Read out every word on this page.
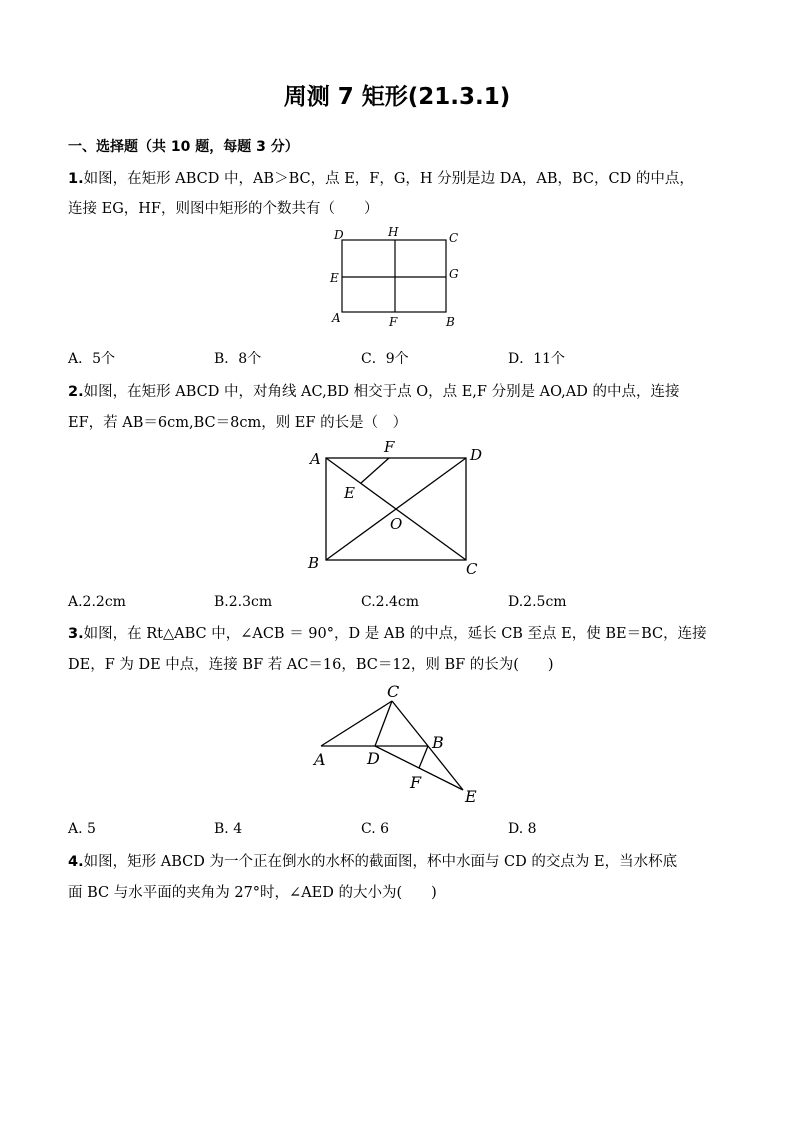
周测 7 矩形(21.3.1)
一、选择题（共 10 题，每题 3 分）
1.如图，在矩形 ABCD 中，AB＞BC，点 E，F，G，H 分别是边 DA，AB，BC，CD 的中点，
连接 EG，HF，则图中矩形的个数共有（　　）
D	H	C
E	G
A	F	B
A．5个	B．8个	C．9个	D．11个
2.如图，在矩形 ABCD 中，对角线 AC,BD 相交于点 O，点 E,F 分别是 AO,AD 的中点，连接
EF，若 AB＝6cm,BC＝8cm，则 EF 的长是（　）
A
F	D
E
O
B	C
A.2.2cm	B.2.3cm	C.2.4cm	D.2.5cm
3.如图，在 Rt△ABC 中，∠ACB ＝ 90°，D 是 AB 的中点，延长 CB 至点 E，使 BE＝BC，连接
DE，F 为 DE 中点，连接 BF 若 AC＝16，BC＝12，则 BF 的长为(　　)
C
A	D
B
F
E
A. 5	B. 4	C. 6	D. 8
4.如图，矩形 ABCD 为一个正在倒水的水杯的截面图，杯中水面与 CD 的交点为 E，当水杯底
面 BC 与水平面的夹角为 27°时，∠AED 的大小为(　　)
